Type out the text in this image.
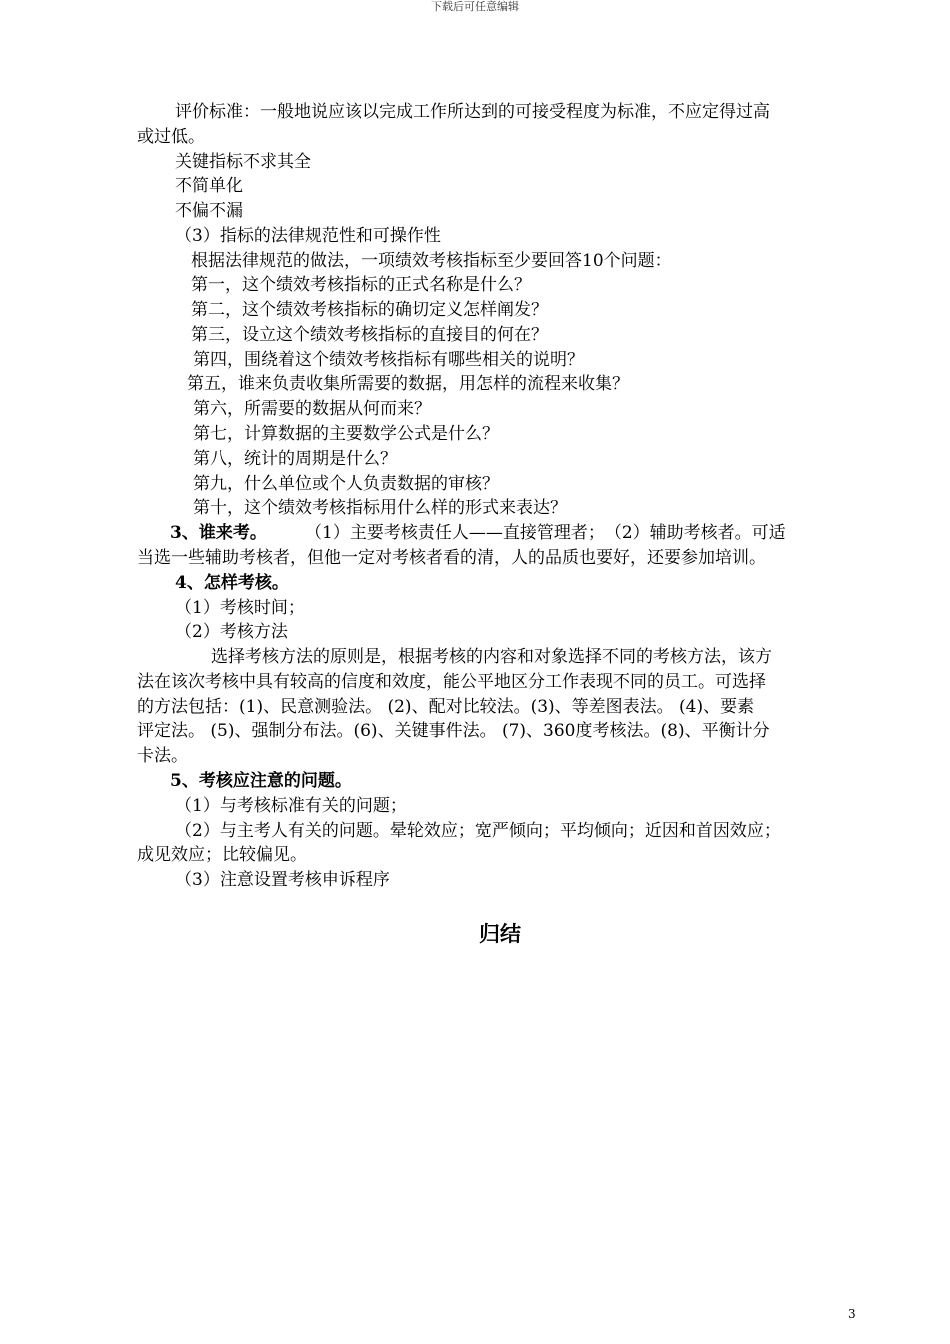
下载后可任意编辑
评价标准：一般地说应该以完成工作所达到的可接受程度为标准，不应定得过高
或过低。
关键指标不求其全
不简单化
不偏不漏
（3）指标的法律规范性和可操作性
根据法律规范的做法，一项绩效考核指标至少要回答10个问题：
第一，这个绩效考核指标的正式名称是什么？
第二，这个绩效考核指标的确切定义怎样阐发？
第三，设立这个绩效考核指标的直接目的何在？
第四，围绕着这个绩效考核指标有哪些相关的说明？
第五，谁来负责收集所需要的数据，用怎样的流程来收集？
第六，所需要的数据从何而来？
第七，计算数据的主要数学公式是什么？
第八，统计的周期是什么？
第九，什么单位或个人负责数据的审核？
第十，这个绩效考核指标用什么样的形式来表达？
3、谁来考。 （1）主要考核责任人——直接管理者；　（2）辅助考核者。可适
当选一些辅助考核者，但他一定对考核者看的清，人的品质也要好，还要参加培训。
4、怎样考核。
（1）考核时间；
（2）考核方法
选择考核方法的原则是，根据考核的内容和对象选择不同的考核方法，该方
法在该次考核中具有较高的信度和效度，能公平地区分工作表现不同的员工。可选择
的方法包括：(1)、民意测验法。 (2)、配对比较法。(3)、等差图表法。 (4)、要素
评定法。 (5)、强制分布法。(6)、关键事件法。 (7)、360度考核法。(8)、平衡计分
卡法。
5、考核应注意的问题。
（1）与考核标准有关的问题；
（2）与主考人有关的问题。晕轮效应；宽严倾向；平均倾向；近因和首因效应；
成见效应；比较偏见。
（3）注意设置考核申诉程序
归结
3
